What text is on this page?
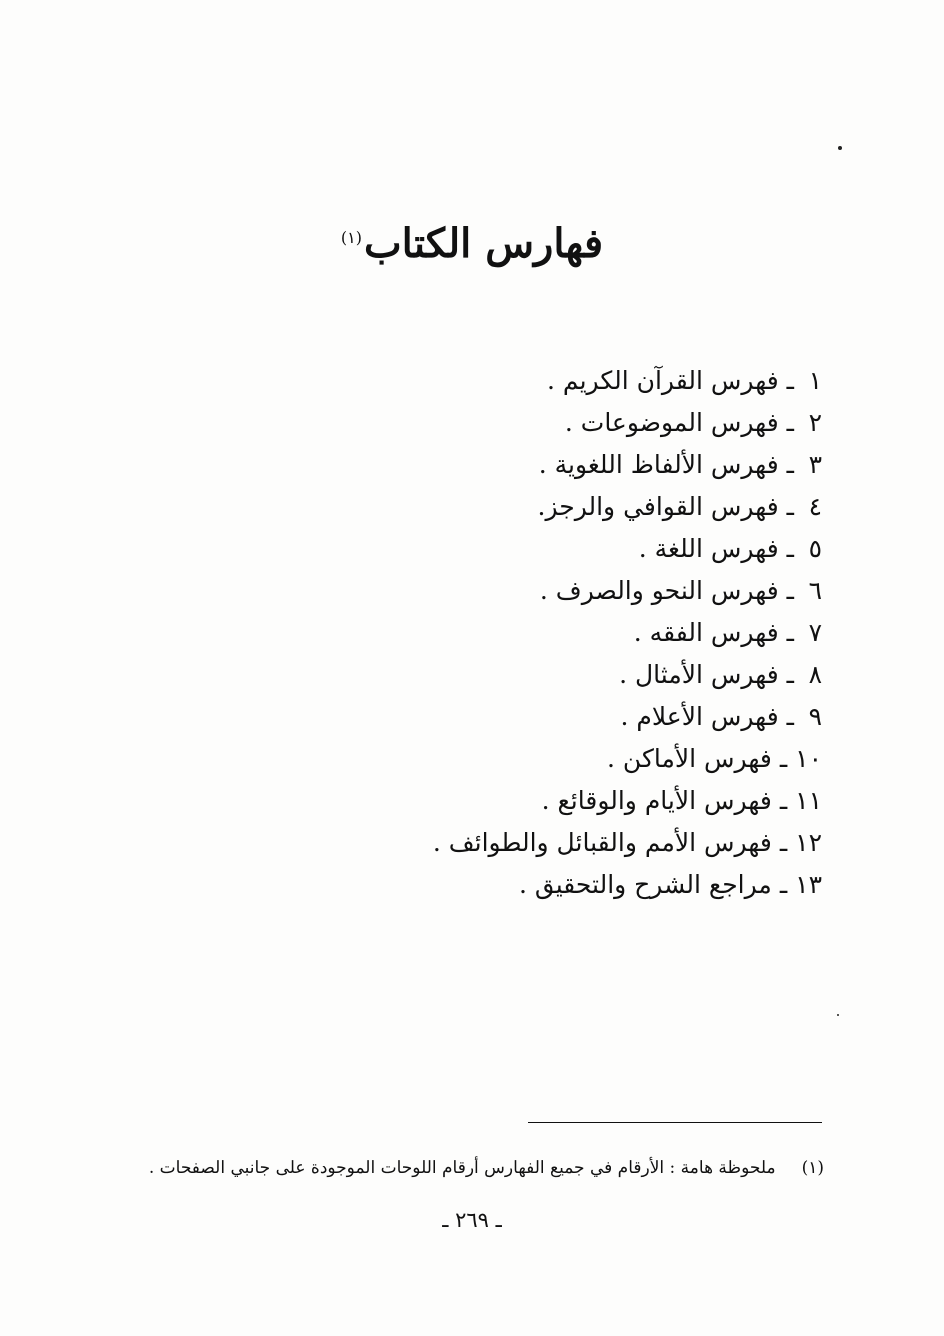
فهارس الكتاب(١)
١ـفهرس القرآن الكريم .
٢ـفهرس الموضوعات .
٣ـفهرس الألفاظ اللغوية .
٤ـفهرس القوافي والرجز.
٥ـفهرس اللغة .
٦ـفهرس النحو والصرف .
٧ـفهرس الفقه .
٨ـفهرس الأمثال .
٩ـفهرس الأعلام .
١٠ـفهرس الأماكن .
١١ـفهرس الأيام والوقائع .
١٢ـفهرس الأمم والقبائل والطوائف .
١٣ـمراجع الشرح والتحقيق .
(١)ملحوظة هامة : الأرقام في جميع الفهارس أرقام اللوحات الموجودة على جانبي الصفحات .
ـ ٢٦٩ ـ
